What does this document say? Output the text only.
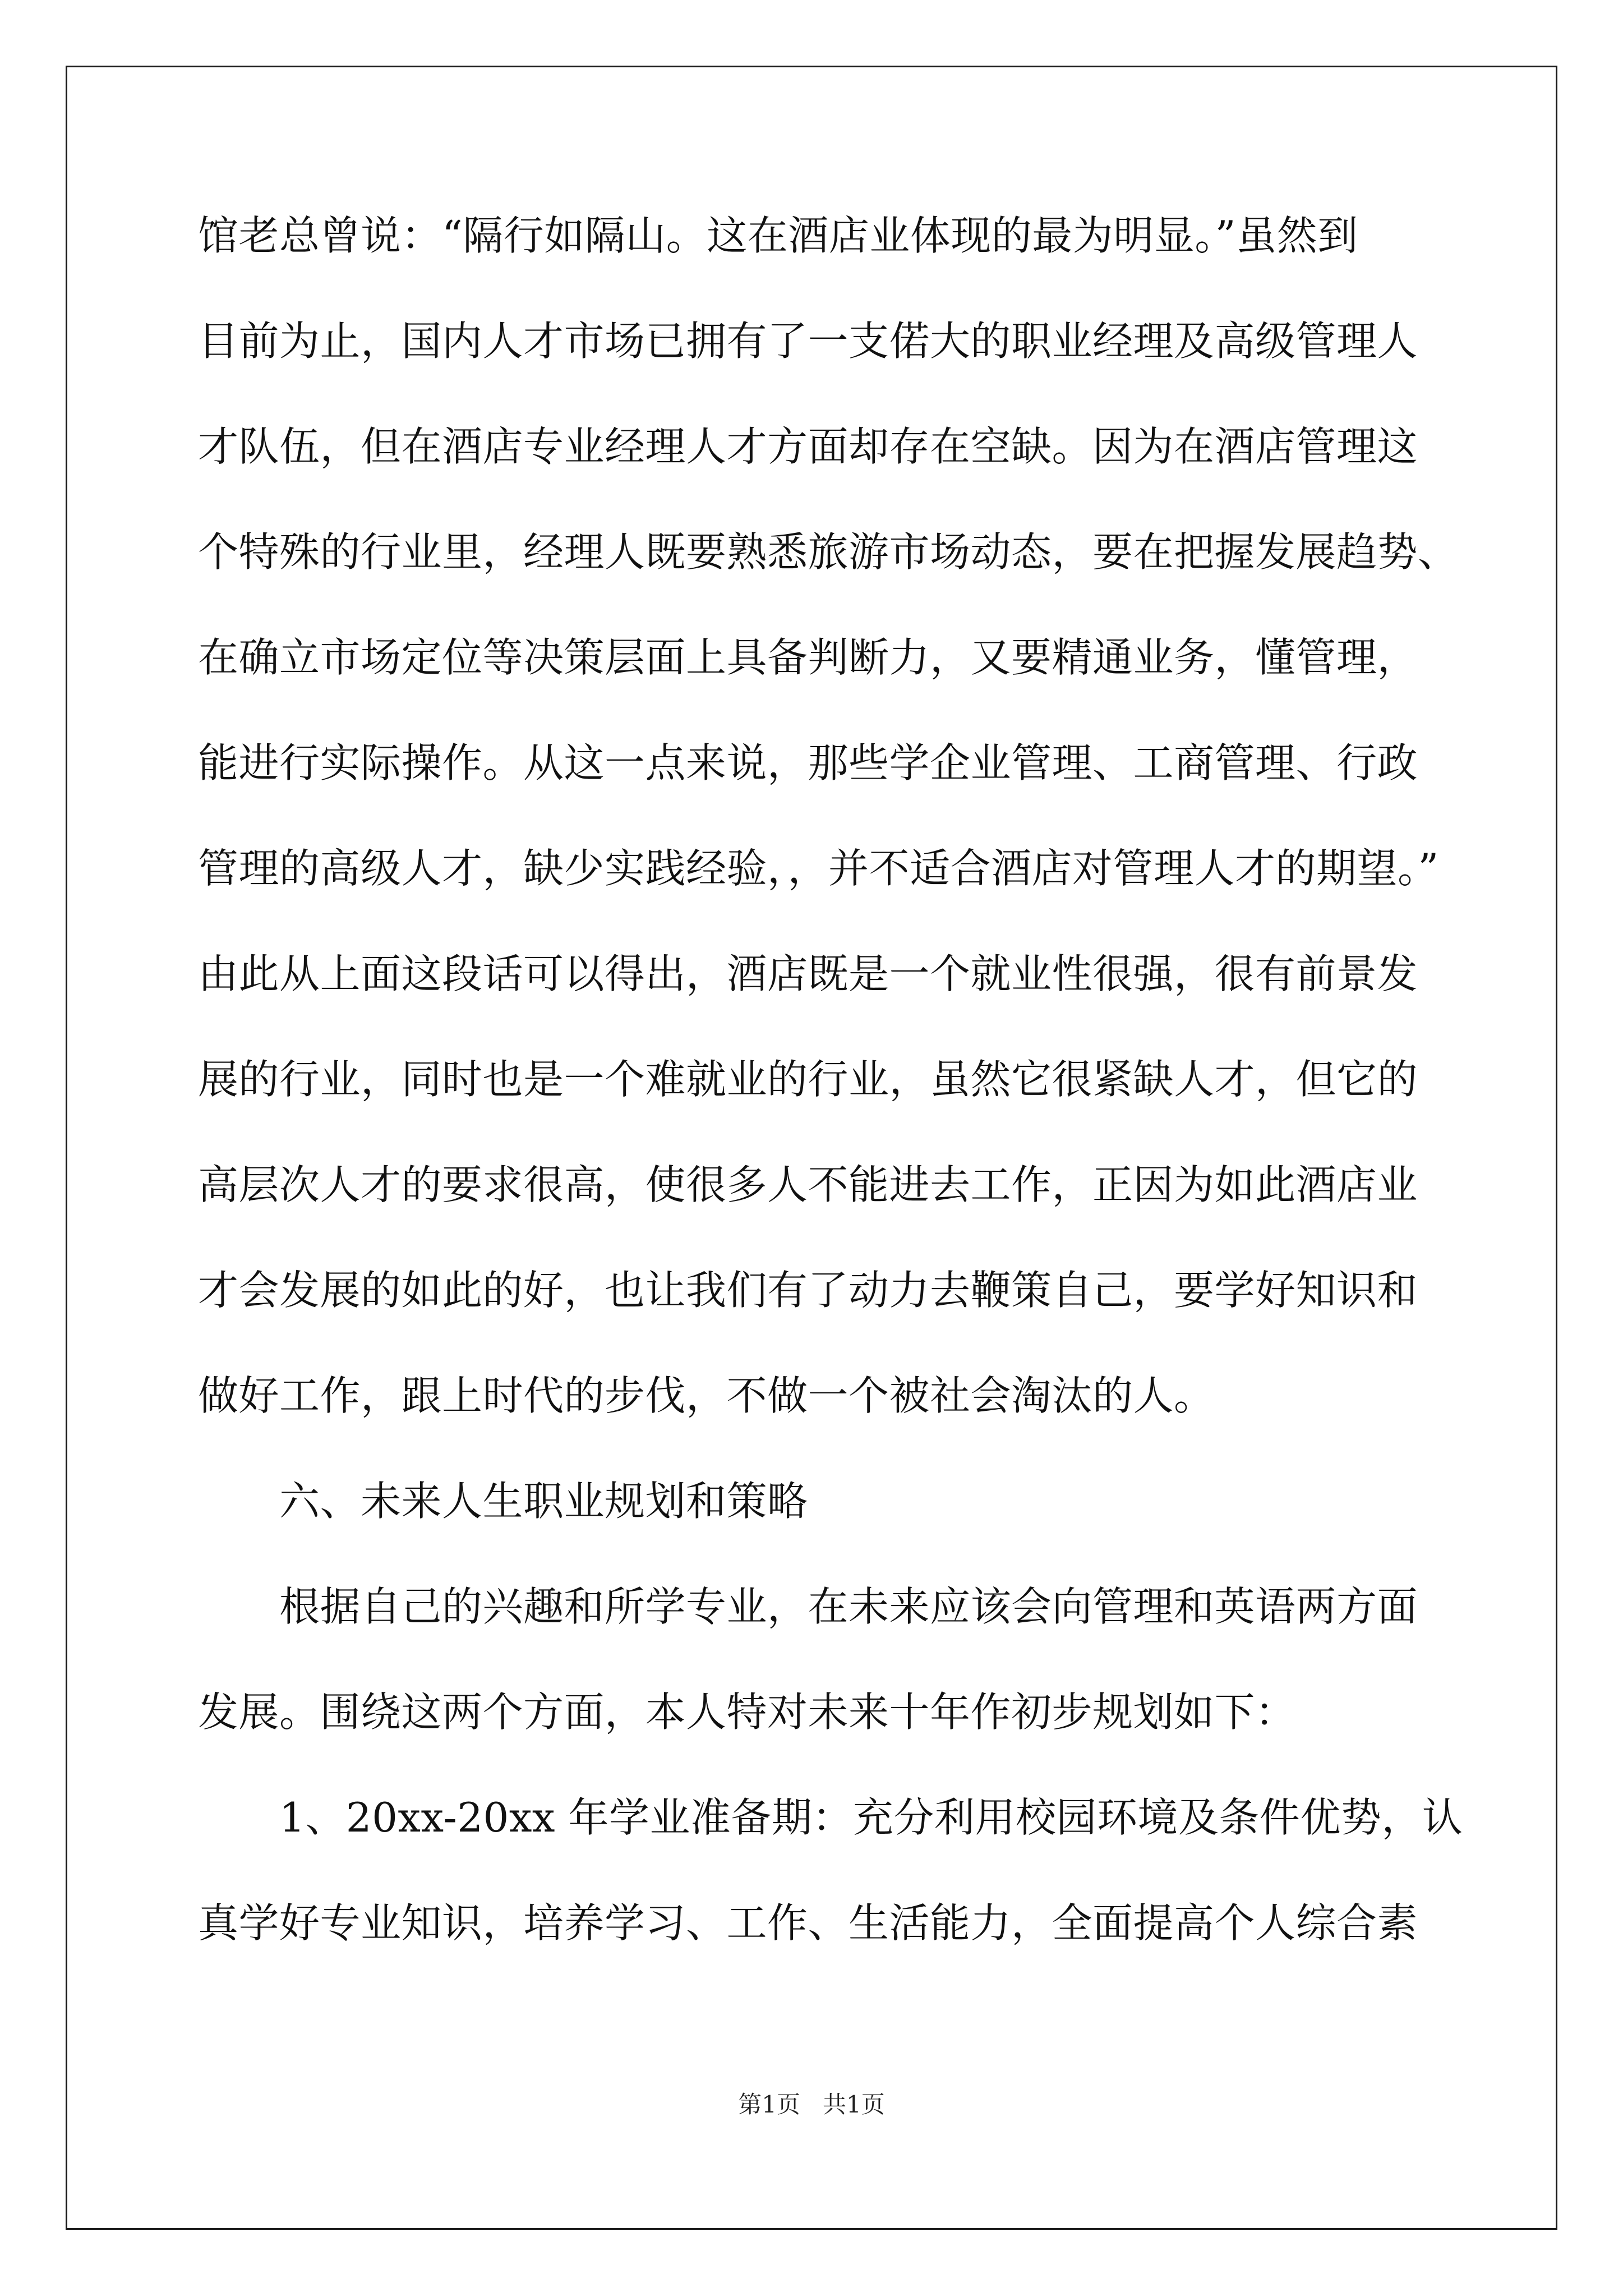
馆老总曾说：“隔行如隔山。这在酒店业体现的最为明显。”虽然到
目前为止，国内人才市场已拥有了一支偌大的职业经理及高级管理人
才队伍，但在酒店专业经理人才方面却存在空缺。因为在酒店管理这
个特殊的行业里，经理人既要熟悉旅游市场动态，要在把握发展趋势、
在确立市场定位等决策层面上具备判断力，又要精通业务，懂管理，
能进行实际操作。从这一点来说，那些学企业管理、工商管理、行政
管理的高级人才，缺少实践经验，，并不适合酒店对管理人才的期望。”
由此从上面这段话可以得出，酒店既是一个就业性很强，很有前景发
展的行业，同时也是一个难就业的行业，虽然它很紧缺人才，但它的
高层次人才的要求很高，使很多人不能进去工作，正因为如此酒店业
才会发展的如此的好，也让我们有了动力去鞭策自己，要学好知识和
做好工作，跟上时代的步伐，不做一个被社会淘汰的人。
六、未来人生职业规划和策略
根据自己的兴趣和所学专业，在未来应该会向管理和英语两方面
发展。围绕这两个方面，本人特对未来十年作初步规划如下：
1、20xx-20xx 年学业准备期：充分利用校园环境及条件优势，认
真学好专业知识，培养学习、工作、生活能力，全面提高个人综合素
第1页   共1页
